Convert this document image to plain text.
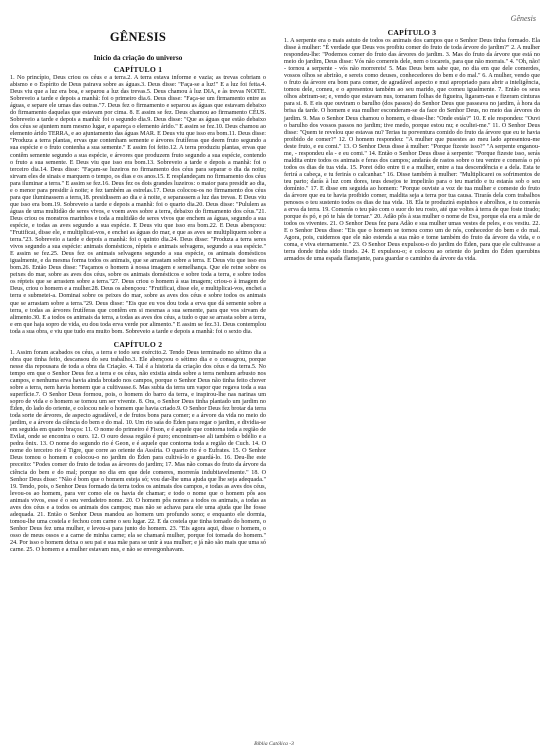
Gênesis
GÊNESIS
Inicio da criação do universo
CAPÍTULO 1

1. No princípio, Deus criou os céus e a terra.2. A terra estava informe e vazia; as trevas cobriam o abismo e o Espírito de Deus pairava sobre as águas.3. Deus disse: "Faça-se a luz!" E a luz foi feita.4. Deus viu que a luz era boa, e separou a luz das trevas.5. Deus chamou à luz DIA, e às trevas NOITE. Sobreveio a tarde e depois a manhã: foi o primeiro dia.6. Deus disse: "Faça-se um firmamento entre as águas, e separe ele umas das outras."7. Deus fez o firmamento e separou as águas que estavam debaixo do firmamento daquelas que estavam por cima. 8. E assim se fez. Deus chamou ao firmamento CÉUS. Sobreveio a tarde e depois a manhã: foi o segundo dia.9. Deus disse: "Que as águas que estão debaixo dos céus se ajuntem num mesmo lugar, e apareça o elemento árido." E assim se fez.10. Deus chamou ao elemento árido TERRA, e ao ajuntamento das águas MAR. E Deus viu que isso era bom.11. Deus disse: "Produza a terra plantas, ervas que contenham semente e árvores frutíferas que deem fruto segundo a sua espécie e o fruto contenha a sua semente." E assim foi feito.12. A terra produziu plantas, ervas que contêm semente segundo a sua espécie, e árvores que produzem fruto segundo a sua espécie, contendo o fruto a sua semente. E Deus viu que isso era bom.13. Sobreveio a tarde e depois a manhã: foi o terceiro dia.14. Deus disse: "Façam-se luzeiros no firmamento dos céus para separar o dia da noite; sirvam eles de sinais e marquem o tempo, os dias e os anos.15. E resplandeçam no firmamento dos céus para iluminar a terra." E assim se fez.16. Deus fez os dois grandes luzeiros: o maior para presidir ao dia, e o menor para presidir à noite; e fez também as estrelas.17. Deus colocou-os no firmamento dos céus para que iluminassem a terra,18. presidissem ao dia e à noite, e separassem a luz das trevas. E Deus viu que isso era bom.19. Sobreveio a tarde e depois a manhã: foi o quarto dia.20. Deus disse: "Pululem as águas de uma multidão de seres vivos, e voem aves sobre a terra, debaixo do firmamento dos céus."21. Deus criou os monstros marinhos e toda a multidão de seres vivos que enchem as águas, segundo a sua espécie, e todas as aves segundo a sua espécie. E Deus viu que isso era bom.22. E Deus abençoou: "Frutificai, disse ele, e multiplicai-vos, e enchei as águas do mar, e que as aves se multipliquem sobre a terra."23. Sobreveio a tarde e depois a manhã: foi o quinto dia.24. Deus disse: "Produza a terra seres vivos segundo a sua espécie: animais domésticos, répteis e animais selvagens, segundo a sua espécie." E assim se fez.25. Deus fez os animais selvagens segundo a sua espécie, os animais domésticos igualmente, e da mesma forma todos os animais, que se arrastam sobre a terra. E Deus viu que isso era bom.26. Então Deus disse: "Façamos o homem à nossa imagem e semelhança. Que ele reine sobre os peixes do mar, sobre as aves dos céus, sobre os animais domésticos e sobre toda a terra, e sobre todos os répteis que se arrastem sobre a terra."27. Deus criou o homem à sua imagem; criou-o à imagem de Deus, criou o homem e a mulher.28. Deus os abençoou: "Frutificai, disse ele, e multiplicai-vos, enchei a terra e submetei-a. Dominai sobre os peixes do mar, sobre as aves dos céus e sobre todos os animais que se arrastam sobre a terra."29. Deus disse: "Eis que eu vos dou toda a erva que dá semente sobre a terra, e todas as árvores frutíferas que contêm em si mesmas a sua semente, para que vos sirvam de alimento.30. E a todos os animais da terra, a todas as aves dos céus, a tudo o que se arrasta sobre a terra, e em que haja sopro de vida, eu dou toda erva verde por alimento." E assim se fez.31. Deus contemplou toda a sua obra, e viu que tudo era muito bom. Sobreveio a tarde e depois a manhã: foi o sexto dia.

CAPÍTULO 2

1. Assim foram acabados os céus, a terra e todo seu exército.2. Tendo Deus terminado no sétimo dia a obra que tinha feito, descansou do seu trabalho.3. Ele abençoou o sétimo dia e o consagrou, porque nesse dia repousara de toda a obra da Criação. 4. Tal é a historia da criação dos céus e da terra.5. No tempo em que o Senhor Deus fez a terra e os céus, não existia ainda sobre a terra nenhum arbusto nos campos, e nenhuma erva havia ainda brotado nos campos, porque o Senhor Deus não tinha feito chover sobre a terra, nem havia homem que a cultivasse.6. Mas subia da terra um vapor que regava toda a sua superfície.7. O Senhor Deus formou, pois, o homem do barro da terra, e inspirou-lhe nas narinas um sopro de vida e o homem se tornou um ser vivente. 8. Ora, o Senhor Deus tinha plantado um jardim no Éden, do lado do oriente, e colocou nele o homem que havia criado.9. O Senhor Deus fez brotar da terra toda sorte de árvores, de aspecto agradável, e de frutos bons para comer; e a árvore da vida no meio do jardim, e a árvore da ciência do bem e do mal. 10. Um rio saía do Éden para regar o jardim, e dividia-se em seguida em quatro braços: 11. O nome do primeiro é Fison, e é aquele que contorna toda a região de Evilat, onde se encontra o ouro. 12. O ouro dessa região é puro; encontram-se ali também o bdélio e a pedra ônix. 13. O nome do segundo rio é Geon, e é aquele que contorna toda a região de Cuch. 14. O nome do terceiro rio é Tigre, que corre ao oriente da Assíria. O quarto rio é o Eufrates. 15. O Senhor Deus tomou o homem e colocou-o no jardim do Éden para cultivá-lo e guardá-lo. 16. Deu-lhe este preceito: "Podes comer do fruto de todas as árvores do jardim; 17. Mas não comas do fruto da árvore da ciência do bem e do mal; porque no dia em que dele comeres, morrerás indubitavelmente." 18. O Senhor Deus disse: "Não é bom que o homem esteja só; vou dar-lhe uma ajuda que lhe seja adequada." 19. Tendo, pois, o Senhor Deus formado da terra todos os animais dos campos, e todas as aves dos céus, levou-os ao homem, para ver como ele os havia de chamar; e todo o nome que o homem pôs aos animais vivos, esse é o seu verdadeiro nome. 20. O homem pôs nomes a todos os animais, a todas as aves dos céus e a todos os animais dos campos; mas não se achava para ele uma ajuda que lhe fosse adequada. 21. Então o Senhor Deus mandou ao homem um profundo sono; e enquanto ele dormia, tomou-lhe uma costela e fechou com carne o seu lugar. 22. E da costela que tinha tomado do homem, o Senhor Deus fez uma mulher, e levou-a para junto do homem. 23. "Eis agora aqui, disse o homem, o osso de meus ossos e a carne de minha carne; ela se chamará mulher, porque foi tomada do homem." 24. Por isso o homem deixa o seu pai e sua mãe para se unir à sua mulher; e já não são mais que uma só carne. 25. O homem e a mulher estavam nus, e não se envergonhavam.

CAPÍTULO 3

1. A serpente era o mais astuto de todos os animais dos campos que o Senhor Deus tinha formado. Ela disse à mulher: "É verdade que Deus vos proibiu comer do fruto de toda árvore do jardim?" 2. A mulher respondeu-lhe: "Podemos comer do fruto das árvores do jardim. 3. Mas do fruto da árvore que está no meio do jardim, Deus disse: Vós não comereis dele, nem o tocareis, para que não morrais." 4. "Oh, não! - tornou a serpente - vós não morrereis! 5. Mas Deus bem sabe que, no dia em que dele comerdes, vossos olhos se abrirão, e sereis como deuses, conhecedores do bem e do mal." 6. A mulher, vendo que o fruto da árvore era bom para comer, de agradável aspecto e mui apropriado para abrir a inteligência, tomou dele, comeu, e o apresentou também ao seu marido, que comeu igualmente. 7. Então os seus olhos abriram-se; e, vendo que estavam nus, tomaram folhas de figueira, ligaram-nas e fizeram cinturas para si. 8. E eis que ouviram o barulho (dos passos) do Senhor Deus que passeava no jardim, à hora da brisa da tarde. O homem e sua mulher esconderam-se da face do Senhor Deus, no meio das árvores do jardim. 9. Mas o Senhor Deus chamou o homem, e disse-lhe: "Onde estás?" 10. E ele respondeu: "Ouvi o barulho dos vossos passos no jardim; tive medo, porque estou nu; e ocultei-me." 11. O Senhor Deus disse: "Quem te revelou que estavas nu? Terias tu porventura comido do fruto da árvore que eu te havia proibido de comer?" 12. O homem respondeu: "A mulher que pusestes ao meu lado apresentou-me deste fruto, e eu comi." 13. O Senhor Deus disse à mulher: "Porque fizeste isso?" "A serpente enganou-me, - respondeu ela - e eu comi." 14. Então o Senhor Deus disse à serpente: "Porque fizeste isso, serás maldita entre todos os animais e feras dos campos; andarás de rastos sobre o teu ventre e comerás o pó todos os dias de tua vida. 15. Porei ódio entre ti e a mulher, entre a tua descendência e a dela. Esta te ferirá a cabeça, e tu ferirás o calcanhar." 16. Disse também à mulher: "Multiplicarei os sofrimentos de teu parto; darás à luz com dores, teus desejos te impelirão para o teu marido e tu estarás sob o seu domínio." 17. E disse em seguida ao homem: "Porque ouviste a voz de tua mulher e comeste do fruto da árvore que eu te havia proibido comer, maldita seja a terra por tua causa. Tirarás dela com trabalhos penosos o teu sustento todos os dias de tua vida. 18. Ela te produzirá espinhos e abrolhos, e tu comerás a erva da terra. 19. Comerás o teu pão com o suor do teu rosto, até que voltes à terra de que foste tirado; porque és pó, e pó te hás de tornar." 20. Adão pôs à sua mulher o nome de Eva, porque ela era a mãe de todos os viventes. 21. O Senhor Deus fez para Adão e sua mulher umas vestes de peles, e os vestiu. 22. E o Senhor Deus disse: "Eis que o homem se tornou como um de nós, conhecedor do bem e do mal. Agora, pois, cuidemos que ele não estenda a sua mão e tome também do fruto da árvore da vida, e o coma, e viva eternamente." 23. O Senhor Deus expulsou-o do jardim do Éden, para que ele cultivasse a terra donde tinha sido tirado. 24. E expulsou-o; e colocou ao oriente do jardim do Éden querubins armados de uma espada flamejante, para guardar o caminho da árvore da vida.

Bíblia Católica -3
